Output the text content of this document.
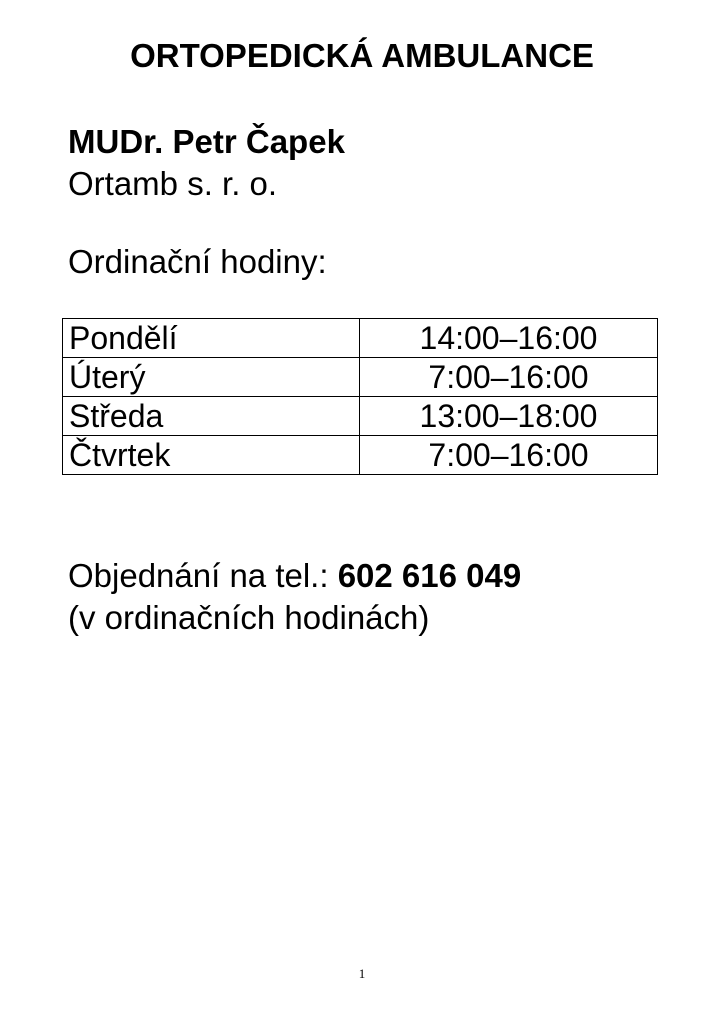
ORTOPEDICKÁ AMBULANCE
MUDr. Petr Čapek
Ortamb s. r. o.
Ordinační hodiny:
Pondělí	14:00–16:00
Úterý	7:00–16:00
Středa	13:00–18:00
Čtvrtek	7:00–16:00
Objednání na tel.: 602 616 049
(v ordinačních hodinách)
1
